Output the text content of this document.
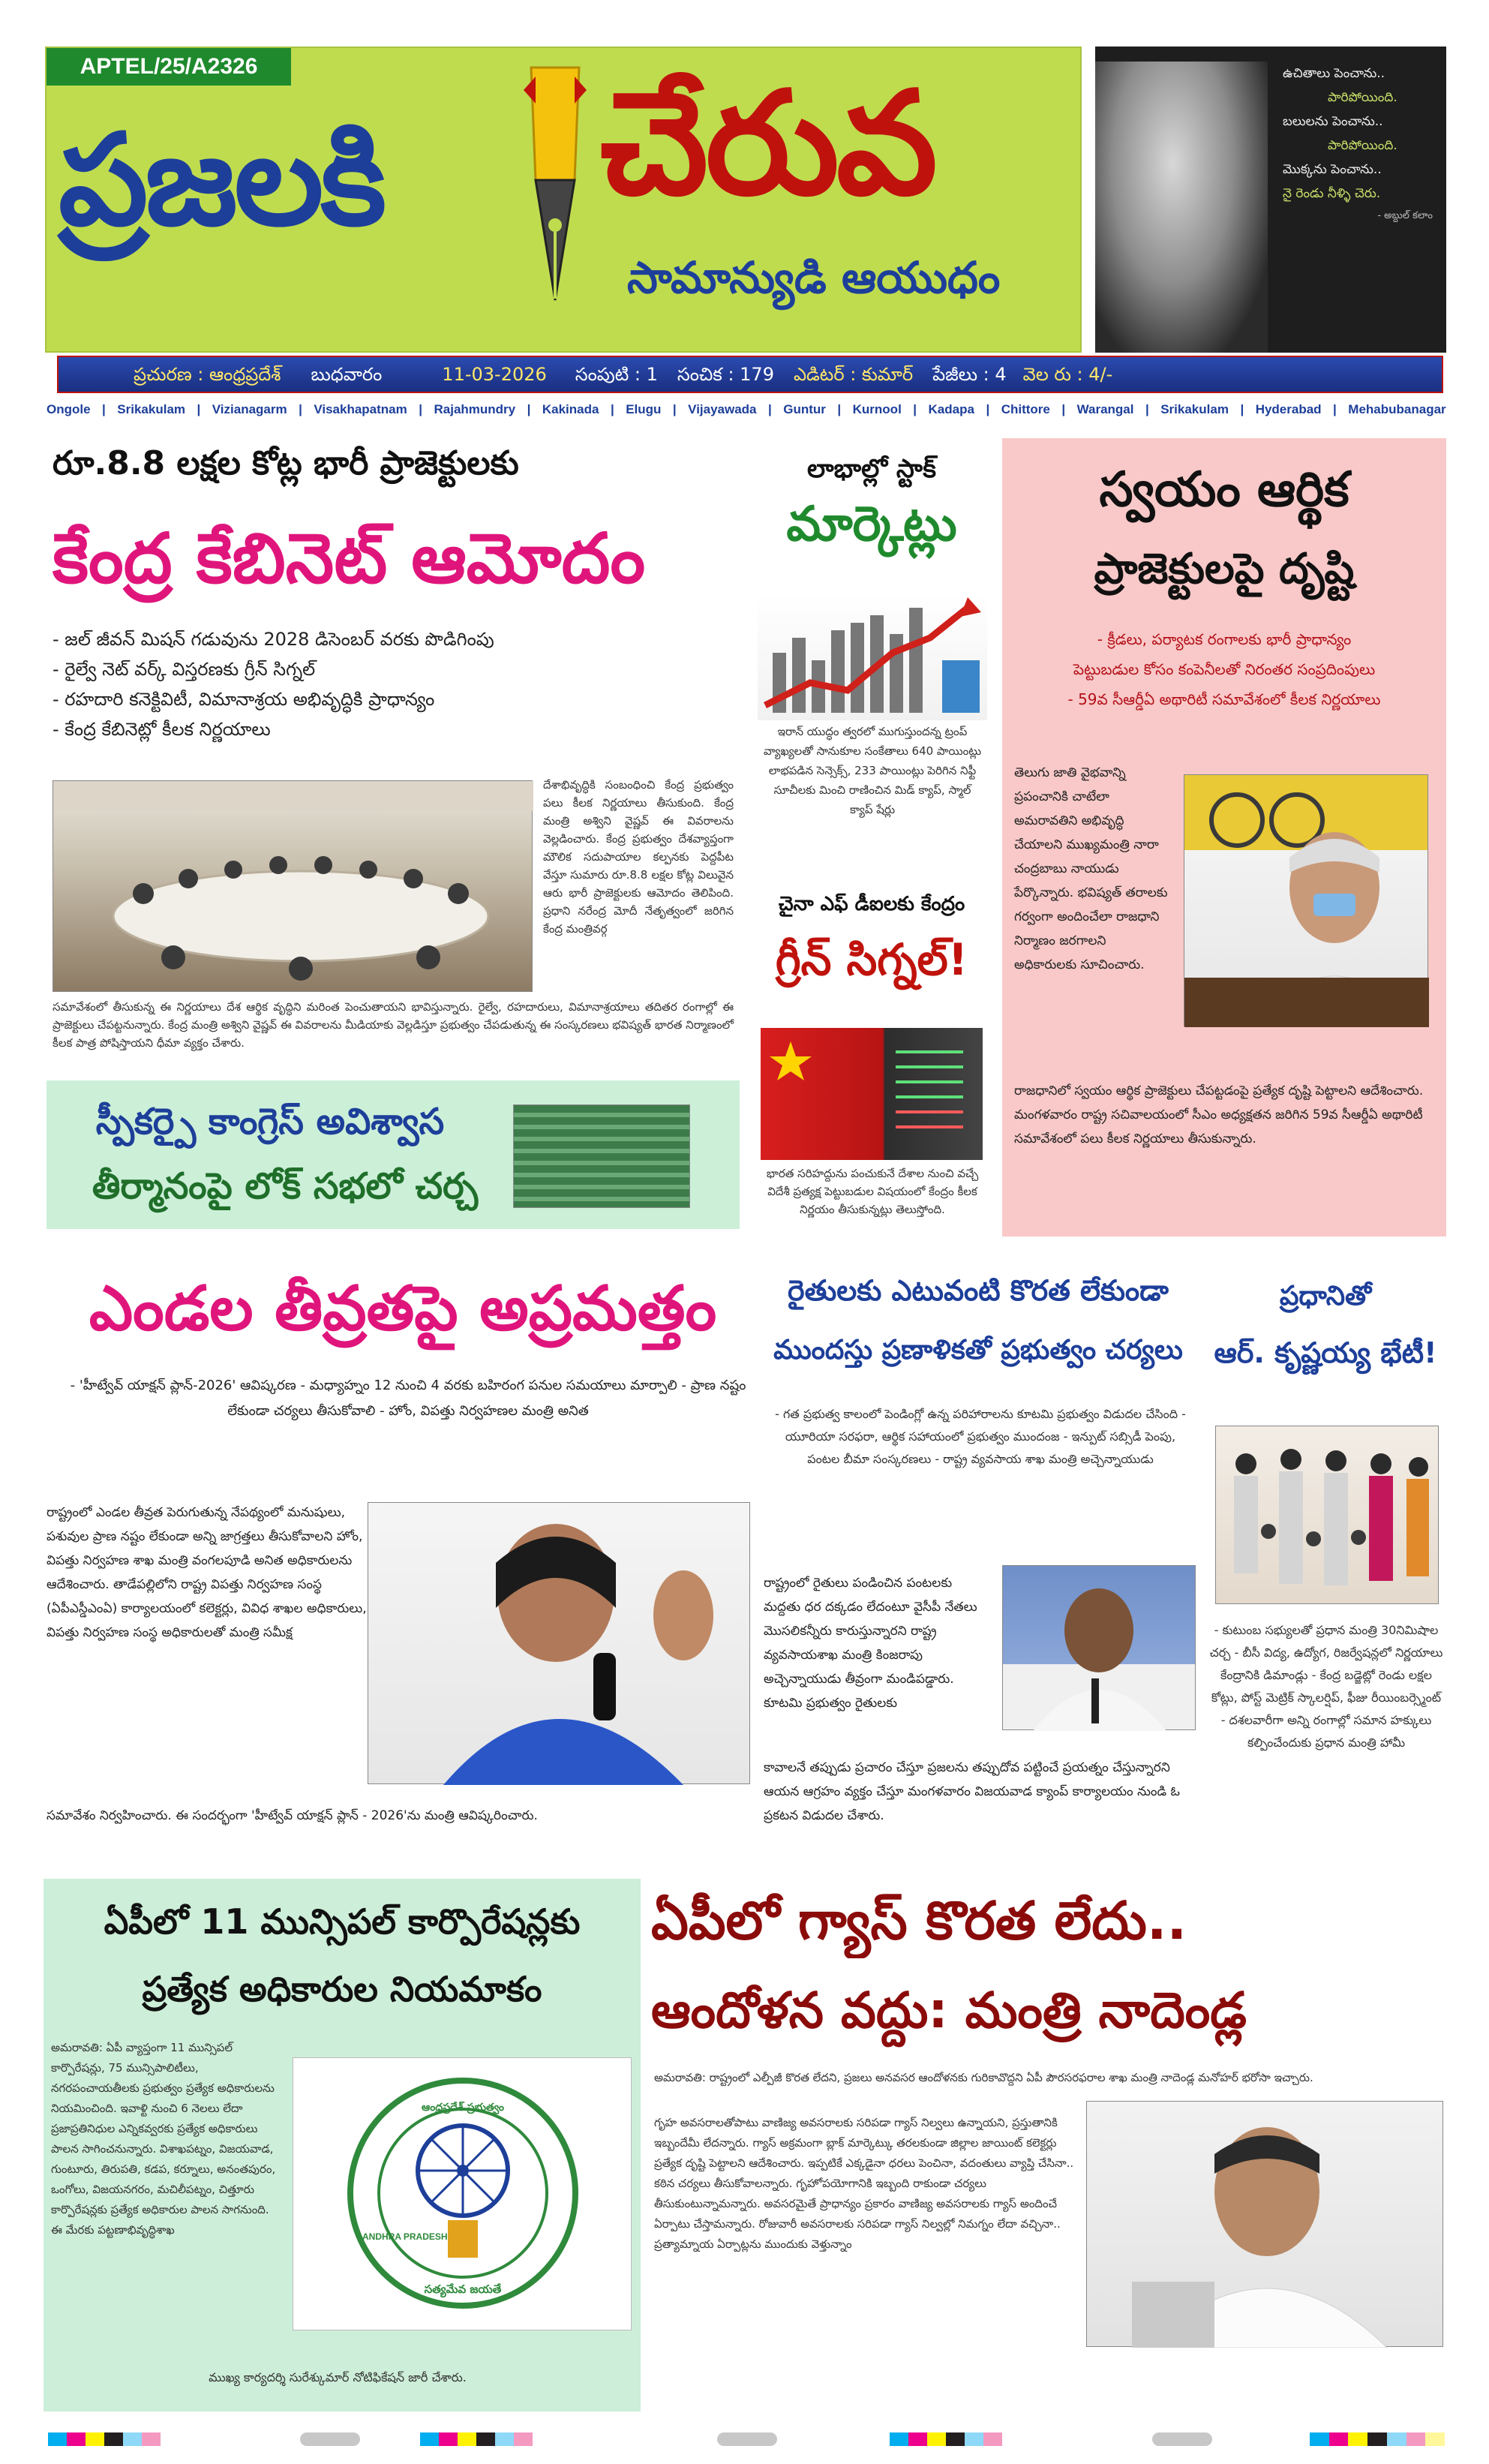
APTEL/25/A2326
ప్రజలకి	చేరువ
సామాన్యుడి ఆయుధం
ఉచితాలు పెంచాను..
పారిపోయింది.
బలులను పెంచాను..
పారిపోయింది.
మొక్కను పెంచాను..
నై రెండు నీళ్ళి చెరు.
- అబ్దుల్ కలాం
ప్రచురణ : ఆంధ్రప్రదేశ్ బుధవారం	11-03-2026 సంపుటి : 1 సంచిక : 179 ఎడిటర్ : కుమార్ పేజీలు : 4 వెల రు : 4/-
Ongole | Srikakulam | Vizianagarm | Visakhapatnam | Rajahmundry | Kakinada | Elugu | Vijayawada | Guntur | Kurnool | Kadapa | Chittore | Warangal | Srikakulam | Hyderabad | Mehabubanagar
రూ.8.8 లక్షల కోట్ల భారీ ప్రాజెక్టులకు
కేంద్ర కేబినెట్ ఆమోదం
- జల్ జీవన్ మిషన్ గడువును 2028 డిసెంబర్ వరకు పొడిగింపు
- రైల్వే నెట్ వర్క్ విస్తరణకు గ్రీన్ సిగ్నల్
- రహదారి కనెక్టివిటీ, విమానాశ్రయ అభివృద్ధికి ప్రాధాన్యం
- కేంద్ర కేబినెట్లో కీలక నిర్ణయాలు
దేశాభివృద్ధికి సంబంధించి కేంద్ర ప్రభుత్వం పలు కీలక నిర్ణయాలు తీసుకుంది. కేంద్ర మంత్రి అశ్విని వైష్ణవ్ ఈ వివరాలను వెల్లడించారు. కేంద్ర ప్రభుత్వం దేశవ్యాప్తంగా మౌలిక సదుపాయాల కల్పనకు పెద్దపీట వేస్తూ సుమారు రూ.8.8 లక్షల కోట్ల విలువైన ఆరు భారీ ప్రాజెక్టులకు ఆమోదం తెలిపింది. ప్రధాని నరేంద్ర మోదీ నేతృత్వంలో జరిగిన కేంద్ర మంత్రివర్గ
సమావేశంలో తీసుకున్న ఈ నిర్ణయాలు దేశ ఆర్థిక వృద్ధిని మరింత పెంచుతాయని భావిస్తున్నారు. రైల్వే, రహదారులు, విమానాశ్రయాలు తదితర రంగాల్లో ఈ ప్రాజెక్టులు చేపట్టనున్నారు. కేంద్ర మంత్రి అశ్విని వైష్ణవ్ ఈ వివరాలను మీడియాకు వెల్లడిస్తూ ప్రభుత్వం చేపడుతున్న ఈ సంస్కరణలు భవిష్యత్ భారత నిర్మాణంలో కీలక పాత్ర పోషిస్తాయని ధీమా వ్యక్తం చేశారు.
స్పీకర్పై కాంగ్రెస్ అవిశ్వాస
తీర్మానంపై లోక్ సభలో చర్చ
లాభాల్లో స్టాక్
మార్కెట్లు
ఇరాన్ యుద్ధం త్వరలో ముగుస్తుందన్న ట్రంప్ వ్యాఖ్యలతో సానుకూల సంకేతాలు 640 పాయింట్లు లాభపడిన సెన్సెక్స్, 233 పాయింట్లు పెరిగిన నిఫ్టీ సూచీలకు మించి రాణించిన మిడ్ క్యాప్, స్మాల్ క్యాప్ షేర్లు
చైనా ఎఫ్ డీఐలకు కేంద్రం
గ్రీన్ సిగ్నల్!
భారత సరిహద్దును పంచుకునే దేశాల నుంచి వచ్చే విదేశీ ప్రత్యక్ష పెట్టుబడుల విషయంలో కేంద్రం కీలక నిర్ణయం తీసుకున్నట్లు తెలుస్తోంది.
స్వయం ఆర్థిక
ప్రాజెక్టులపై దృష్టి
- క్రీడలు, పర్యాటక రంగాలకు భారీ ప్రాధాన్యం
పెట్టుబడుల కోసం కంపెనీలతో నిరంతర సంప్రదింపులు
- 59వ సీఆర్డీఏ అథారిటీ సమావేశంలో కీలక నిర్ణయాలు
తెలుగు జాతి వైభవాన్ని ప్రపంచానికి చాటేలా అమరావతిని అభివృద్ధి చేయాలని ముఖ్యమంత్రి నారా చంద్రబాబు నాయుడు పేర్కొన్నారు. భవిష్యత్ తరాలకు గర్వంగా అందించేలా రాజధాని నిర్మాణం జరగాలని అధికారులకు సూచించారు.
రాజధానిలో స్వయం ఆర్థిక ప్రాజెక్టులు చేపట్టడంపై ప్రత్యేక దృష్టి పెట్టాలని ఆదేశించారు. మంగళవారం రాష్ట్ర సచివాలయంలో సీఎం అధ్యక్షతన జరిగిన 59వ సీఆర్డీఏ అథారిటీ సమావేశంలో పలు కీలక నిర్ణయాలు తీసుకున్నారు.
ఎండల తీవ్రతపై అప్రమత్తం
- 'హీట్వేవ్ యాక్షన్ ప్లాన్-2026' ఆవిష్కరణ - మధ్యాహ్నం 12 నుంచి 4 వరకు బహిరంగ పనుల సమయాలు మార్పాలి - ప్రాణ నష్టం లేకుండా చర్యలు తీసుకోవాలి - హోం, విపత్తు నిర్వహణల మంత్రి అనిత
రాష్ట్రంలో ఎండల తీవ్రత పెరుగుతున్న నేపథ్యంలో మనుషులు, పశువుల ప్రాణ నష్టం లేకుండా అన్ని జాగ్రత్తలు తీసుకోవాలని హోం, విపత్తు నిర్వహణ శాఖ మంత్రి వంగలపూడి అనిత అధికారులను ఆదేశించారు. తాడేపల్లిలోని రాష్ట్ర విపత్తు నిర్వహణ సంస్థ (ఏపీఎస్డీఎంఏ) కార్యాలయంలో కలెక్టర్లు, వివిధ శాఖల అధికారులు, విపత్తు నిర్వహణ సంస్థ అధికారులతో మంత్రి సమీక్ష
సమావేశం నిర్వహించారు. ఈ సందర్భంగా 'హీట్వేవ్ యాక్షన్ ప్లాన్ - 2026'ను మంత్రి ఆవిష్కరించారు.
రైతులకు ఎటువంటి కొరత లేకుండా
ముందస్తు ప్రణాళికతో ప్రభుత్వం చర్యలు
- గత ప్రభుత్వ కాలంలో పెండింగ్లో ఉన్న పరిహారాలను కూటమి ప్రభుత్వం విడుదల చేసింది - యూరియా సరఫరా, ఆర్థిక సహాయంలో ప్రభుత్వం ముందంజ - ఇన్పుట్ సబ్సిడీ పెంపు, పంటల బీమా సంస్కరణలు - రాష్ట్ర వ్యవసాయ శాఖ మంత్రి అచ్చెన్నాయుడు
రాష్ట్రంలో రైతులు పండించిన పంటలకు మద్దతు ధర దక్కడం లేదంటూ వైసీపీ నేతలు మొసలికన్నీరు కారుస్తున్నారని రాష్ట్ర వ్యవసాయశాఖ మంత్రి కింజరాపు అచ్చెన్నాయుడు తీవ్రంగా మండిపడ్డారు. కూటమి ప్రభుత్వం రైతులకు
కావాలనే తప్పుడు ప్రచారం చేస్తూ ప్రజలను తప్పుదోవ పట్టించే ప్రయత్నం చేస్తున్నారని ఆయన ఆగ్రహం వ్యక్తం చేస్తూ మంగళవారం విజయవాడ క్యాంప్ కార్యాలయం నుండి ఓ ప్రకటన విడుదల చేశారు.
ప్రధానితో
ఆర్. కృష్ణయ్య భేటీ!
- కుటుంబ సభ్యులతో ప్రధాన మంత్రి 30నిమిషాల చర్చ - బీసీ విద్య, ఉద్యోగ, రిజర్వేషన్లలో నిర్ణయాలు కేంద్రానికి డిమాండ్లు - కేంద్ర బడ్జెట్లో రెండు లక్షల కోట్లు, పోస్ట్ మెట్రిక్ స్కాలర్షిప్, ఫీజు రీయింబర్స్మెంట్ - దశలవారీగా అన్ని రంగాల్లో సమాన హక్కులు కల్పించేందుకు ప్రధాన మంత్రి హామీ
ఏపీలో 11 మున్సిపల్ కార్పొరేషన్లకు
ప్రత్యేక అధికారుల నియమాకం
అమరావతి: ఏపీ వ్యాప్తంగా 11 మున్సిపల్ కార్పొరేషన్లు, 75 మున్సిపాలిటీలు, నగరపంచాయతీలకు ప్రభుత్వం ప్రత్యేక అధికారులను నియమించింది. ఇవాళ్టి నుంచి 6 నెలలు లేదా ప్రజాప్రతినిధుల ఎన్నికవ్వరకు ప్రత్యేక అధికారులు పాలన సాగించనున్నారు. విశాఖపట్నం, విజయవాడ, గుంటూరు, తిరుపతి, కడప, కర్నూలు, అనంతపురం, ఒంగోలు, విజయనగరం, మచిలీపట్నం, చిత్తూరు కార్పొరేషన్లకు ప్రత్యేక అధికారుల పాలన సాగనుంది. ఈ మేరకు పట్టణాభివృద్ధిశాఖ
ఆంధ్రప్రదేశ్ ప్రభుత్వం
ANDHRA PRADESH
సత్యమేవ జయతే
ముఖ్య కార్యదర్శి సురేశ్కుమార్ నోటిఫికేషన్ జారీ చేశారు.
ఏపీలో గ్యాస్ కొరత లేదు..
ఆందోళన వద్దు: మంత్రి నాదెండ్ల
అమరావతి: రాష్ట్రంలో ఎల్పీజీ కొరత లేదని, ప్రజలు అనవసర ఆందోళనకు గురికావొద్దని ఏపీ పౌరసరఫరాల శాఖ మంత్రి నాదెండ్ల మనోహర్ భరోసా ఇచ్చారు.
గృహ అవసరాలతోపాటు వాణిజ్య అవసరాలకు సరిపడా గ్యాస్ నిల్వలు ఉన్నాయని, ప్రస్తుతానికి ఇబ్బందేమీ లేదన్నారు. గ్యాస్ అక్రమంగా బ్లాక్ మార్కెట్కు తరలకుండా జిల్లాల జాయింట్ కలెక్టర్లు ప్రత్యేక దృష్టి పెట్టాలని ఆదేశించారు. ఇప్పటికే ఎక్కడైనా ధరలు పెంచినా, వదంతులు వ్యాప్తి చేసినా.. కఠిన చర్యలు తీసుకోవాలన్నారు. గృహోపయోగానికి ఇబ్బంది రాకుండా చర్యలు తీసుకుంటున్నామన్నారు. అవసరమైతే ప్రాధాన్యం ప్రకారం వాణిజ్య అవసరాలకు గ్యాస్ అందించే ఏర్పాటు చేస్తామన్నారు. రోజువారీ అవసరాలకు సరిపడా గ్యాస్ నిల్వల్లో నిమగ్నం లేదా వచ్చినా.. ప్రత్యామ్నాయ ఏర్పాట్లను ముందుకు వెళ్తున్నాం
